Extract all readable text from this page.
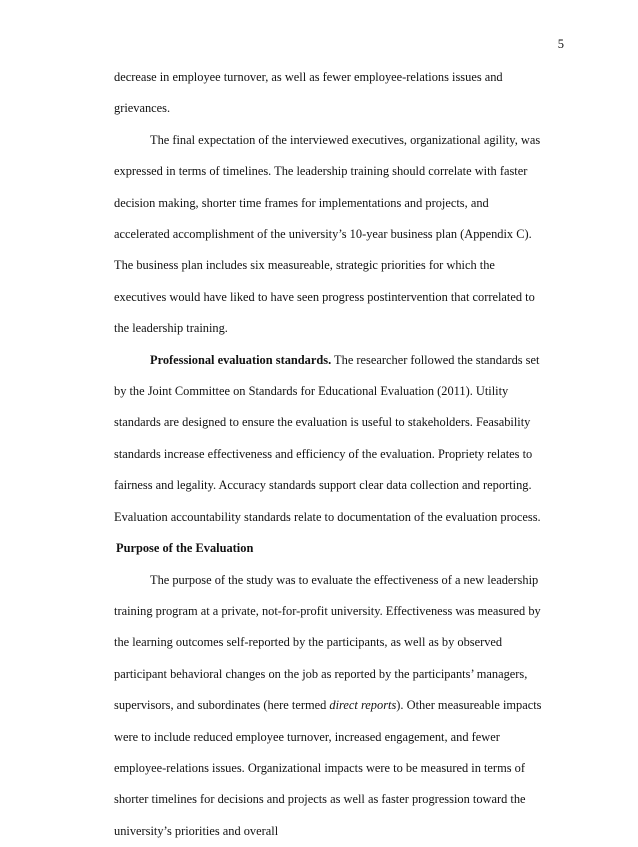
5

decrease in employee turnover, as well as fewer employee-relations issues and grievances.

The final expectation of the interviewed executives, organizational agility, was expressed in terms of timelines. The leadership training should correlate with faster decision making, shorter time frames for implementations and projects, and accelerated accomplishment of the university’s 10-year business plan (Appendix C). The business plan includes six measureable, strategic priorities for which the executives would have liked to have seen progress postintervention that correlated to the leadership training.

Professional evaluation standards. The researcher followed the standards set by the Joint Committee on Standards for Educational Evaluation (2011). Utility standards are designed to ensure the evaluation is useful to stakeholders. Feasability standards increase effectiveness and efficiency of the evaluation. Propriety relates to fairness and legality. Accuracy standards support clear data collection and reporting. Evaluation accountability standards relate to documentation of the evaluation process.

Purpose of the Evaluation

The purpose of the study was to evaluate the effectiveness of a new leadership training program at a private, not-for-profit university. Effectiveness was measured by the learning outcomes self-reported by the participants, as well as by observed participant behavioral changes on the job as reported by the participants’ managers, supervisors, and subordinates (here termed direct reports). Other measureable impacts were to include reduced employee turnover, increased engagement, and fewer employee-relations issues. Organizational impacts were to be measured in terms of shorter timelines for decisions and projects as well as faster progression toward the university’s priorities and overall
